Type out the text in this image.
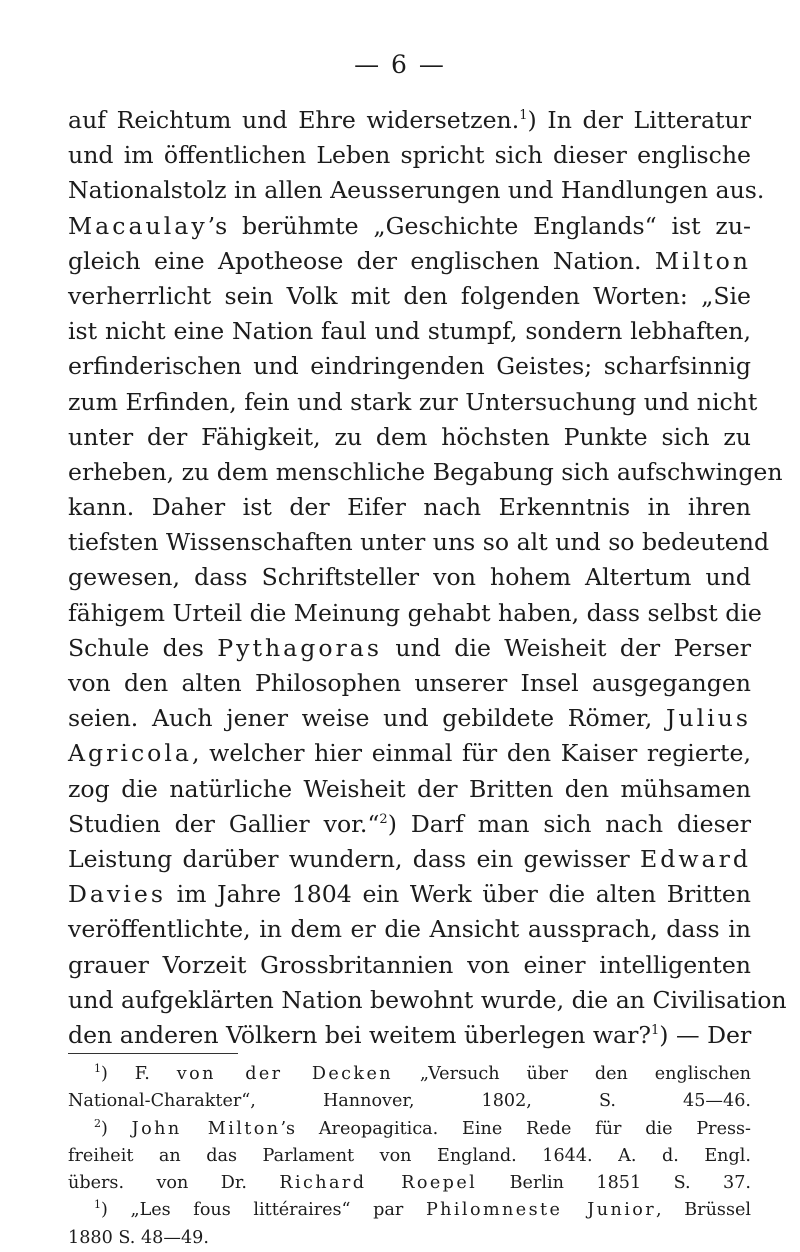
— 6 —
auf Reichtum und Ehre widersetzen.$^1$) In der Litteratur
und im öffentlichen Leben spricht sich dieser englische
Nationalstolz in allen Aeusserungen und Handlungen aus.
Macaulay’s berühmte „Geschichte Englands“ ist zu-
gleich eine Apotheose der englischen Nation. Milton
verherrlicht sein Volk mit den folgenden Worten: „Sie
ist nicht eine Nation faul und stumpf, sondern lebhaften,
erfinderischen und eindringenden Geistes; scharfsinnig
zum Erfinden, fein und stark zur Untersuchung und nicht
unter der Fähigkeit, zu dem höchsten Punkte sich zu
erheben, zu dem menschliche Begabung sich aufschwingen
kann. Daher ist der Eifer nach Erkenntnis in ihren
tiefsten Wissenschaften unter uns so alt und so bedeutend
gewesen, dass Schriftsteller von hohem Altertum und
fähigem Urteil die Meinung gehabt haben, dass selbst die
Schule des Pythagoras und die Weisheit der Perser
von den alten Philosophen unserer Insel ausgegangen
seien. Auch jener weise und gebildete Römer, Julius
Agricola, welcher hier einmal für den Kaiser regierte,
zog die natürliche Weisheit der Britten den mühsamen
Studien der Gallier vor.“$^2$) Darf man sich nach dieser
Leistung darüber wundern, dass ein gewisser Edward
Davies im Jahre 1804 ein Werk über die alten Britten
veröffentlichte, in dem er die Ansicht aussprach, dass in
grauer Vorzeit Grossbritannien von einer intelligenten
und aufgeklärten Nation bewohnt wurde, die an Civilisation
den anderen Völkern bei weitem überlegen war?$^1$) — Der
$^1$) F. von der Decken „Versuch über den englischen
National-Charakter“, Hannover, 1802, S. 45—46.
$^2$) John Milton’s Areopagitica. Eine Rede für die Press-
freiheit an das Parlament von England. 1644. A. d. Engl.
übers. von Dr. Richard Roepel Berlin 1851 S. 37.
$^1$) „Les fous littéraires“ par Philomneste Junior, Brüssel
1880 S. 48—49.
